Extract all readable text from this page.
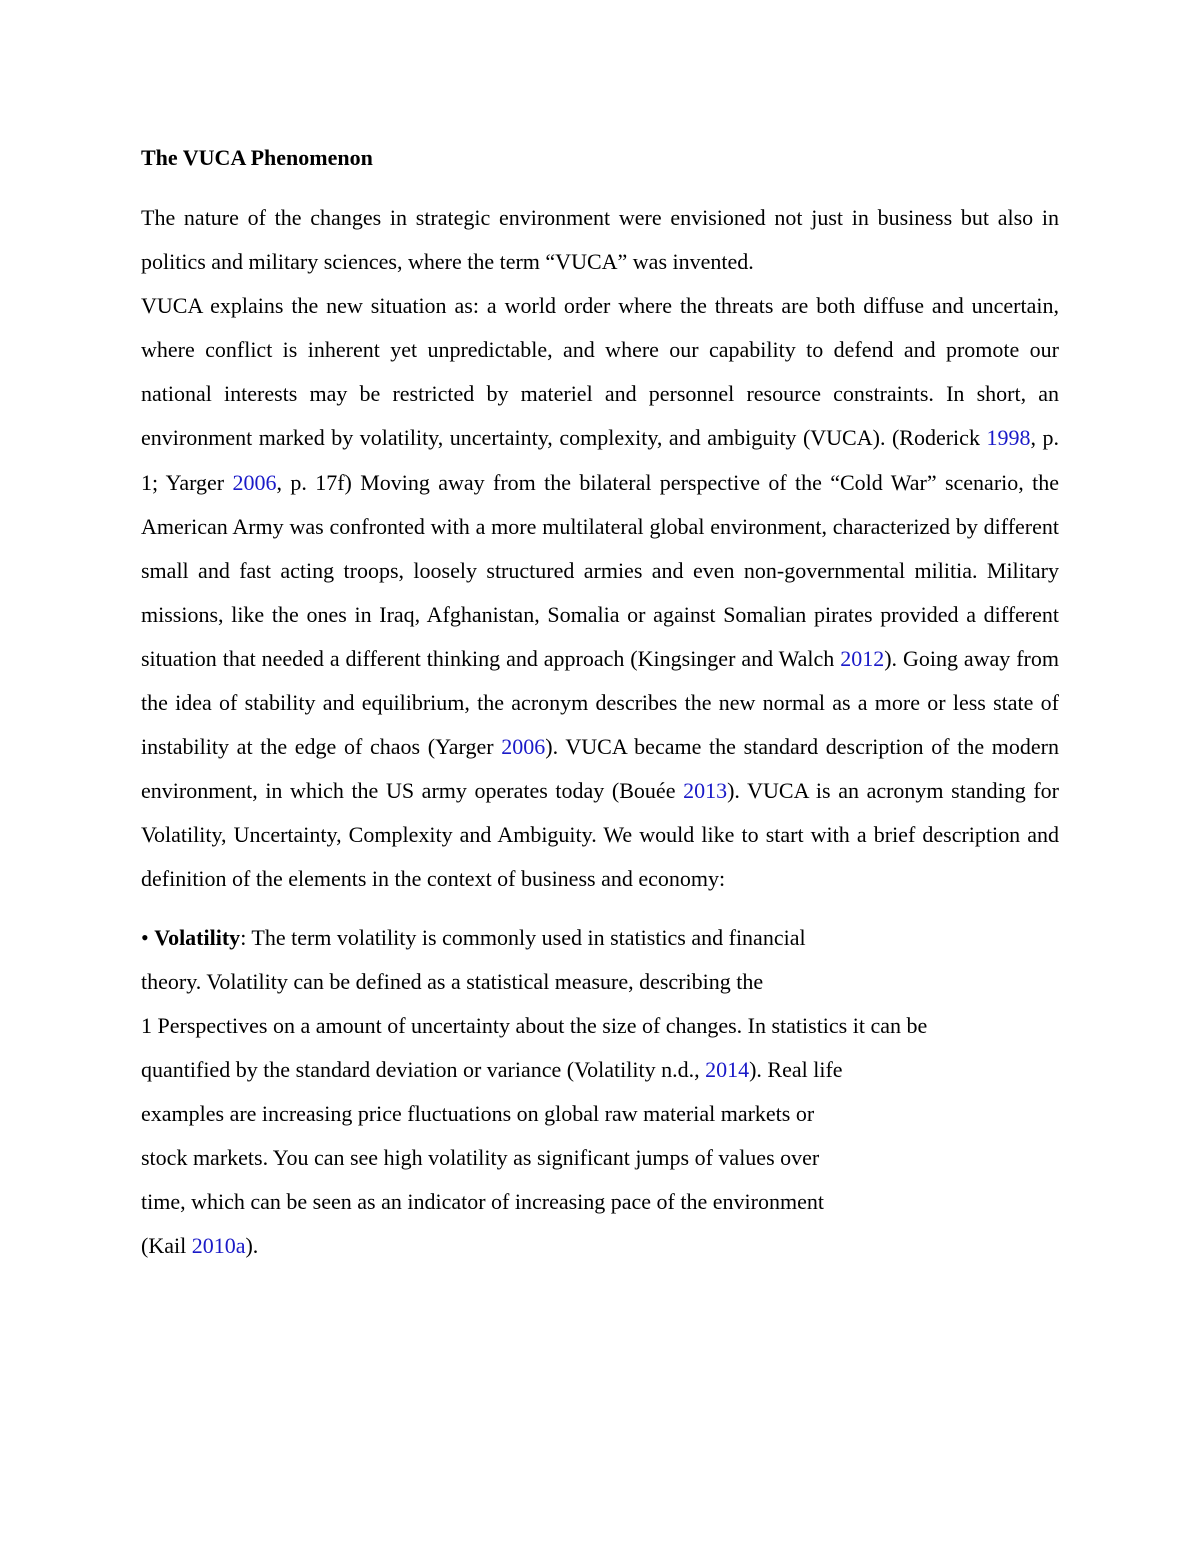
The VUCA Phenomenon

The nature of the changes in strategic environment were envisioned not just in business but also in politics and military sciences, where the term “VUCA” was invented.

VUCA explains the new situation as: a world order where the threats are both diffuse and uncertain, where conflict is inherent yet unpredictable, and where our capability to defend and promote our national interests may be restricted by materiel and personnel resource constraints. In short, an environment marked by volatility, uncertainty, complexity, and ambiguity (VUCA). (Roderick 1998, p. 1; Yarger 2006, p. 17f) Moving away from the bilateral perspective of the “Cold War” scenario, the American Army was confronted with a more multilateral global environment, characterized by different small and fast acting troops, loosely structured armies and even non-governmental militia. Military missions, like the ones in Iraq, Afghanistan, Somalia or against Somalian pirates provided a different situation that needed a different thinking and approach (Kingsinger and Walch 2012). Going away from the idea of stability and equilibrium, the acronym describes the new normal as a more or less state of instability at the edge of chaos (Yarger 2006). VUCA became the standard description of the modern environment, in which the US army operates today (Bouée 2013). VUCA is an acronym standing for Volatility, Uncertainty, Complexity and Ambiguity. We would like to start with a brief description and definition of the elements in the context of business and economy:

• Volatility: The term volatility is commonly used in statistics and financial

theory. Volatility can be defined as a statistical measure, describing the

1 Perspectives on a amount of uncertainty about the size of changes. In statistics it can be

quantified by the standard deviation or variance (Volatility n.d., 2014). Real life

examples are increasing price fluctuations on global raw material markets or

stock markets. You can see high volatility as significant jumps of values over

time, which can be seen as an indicator of increasing pace of the environment

(Kail 2010a).
